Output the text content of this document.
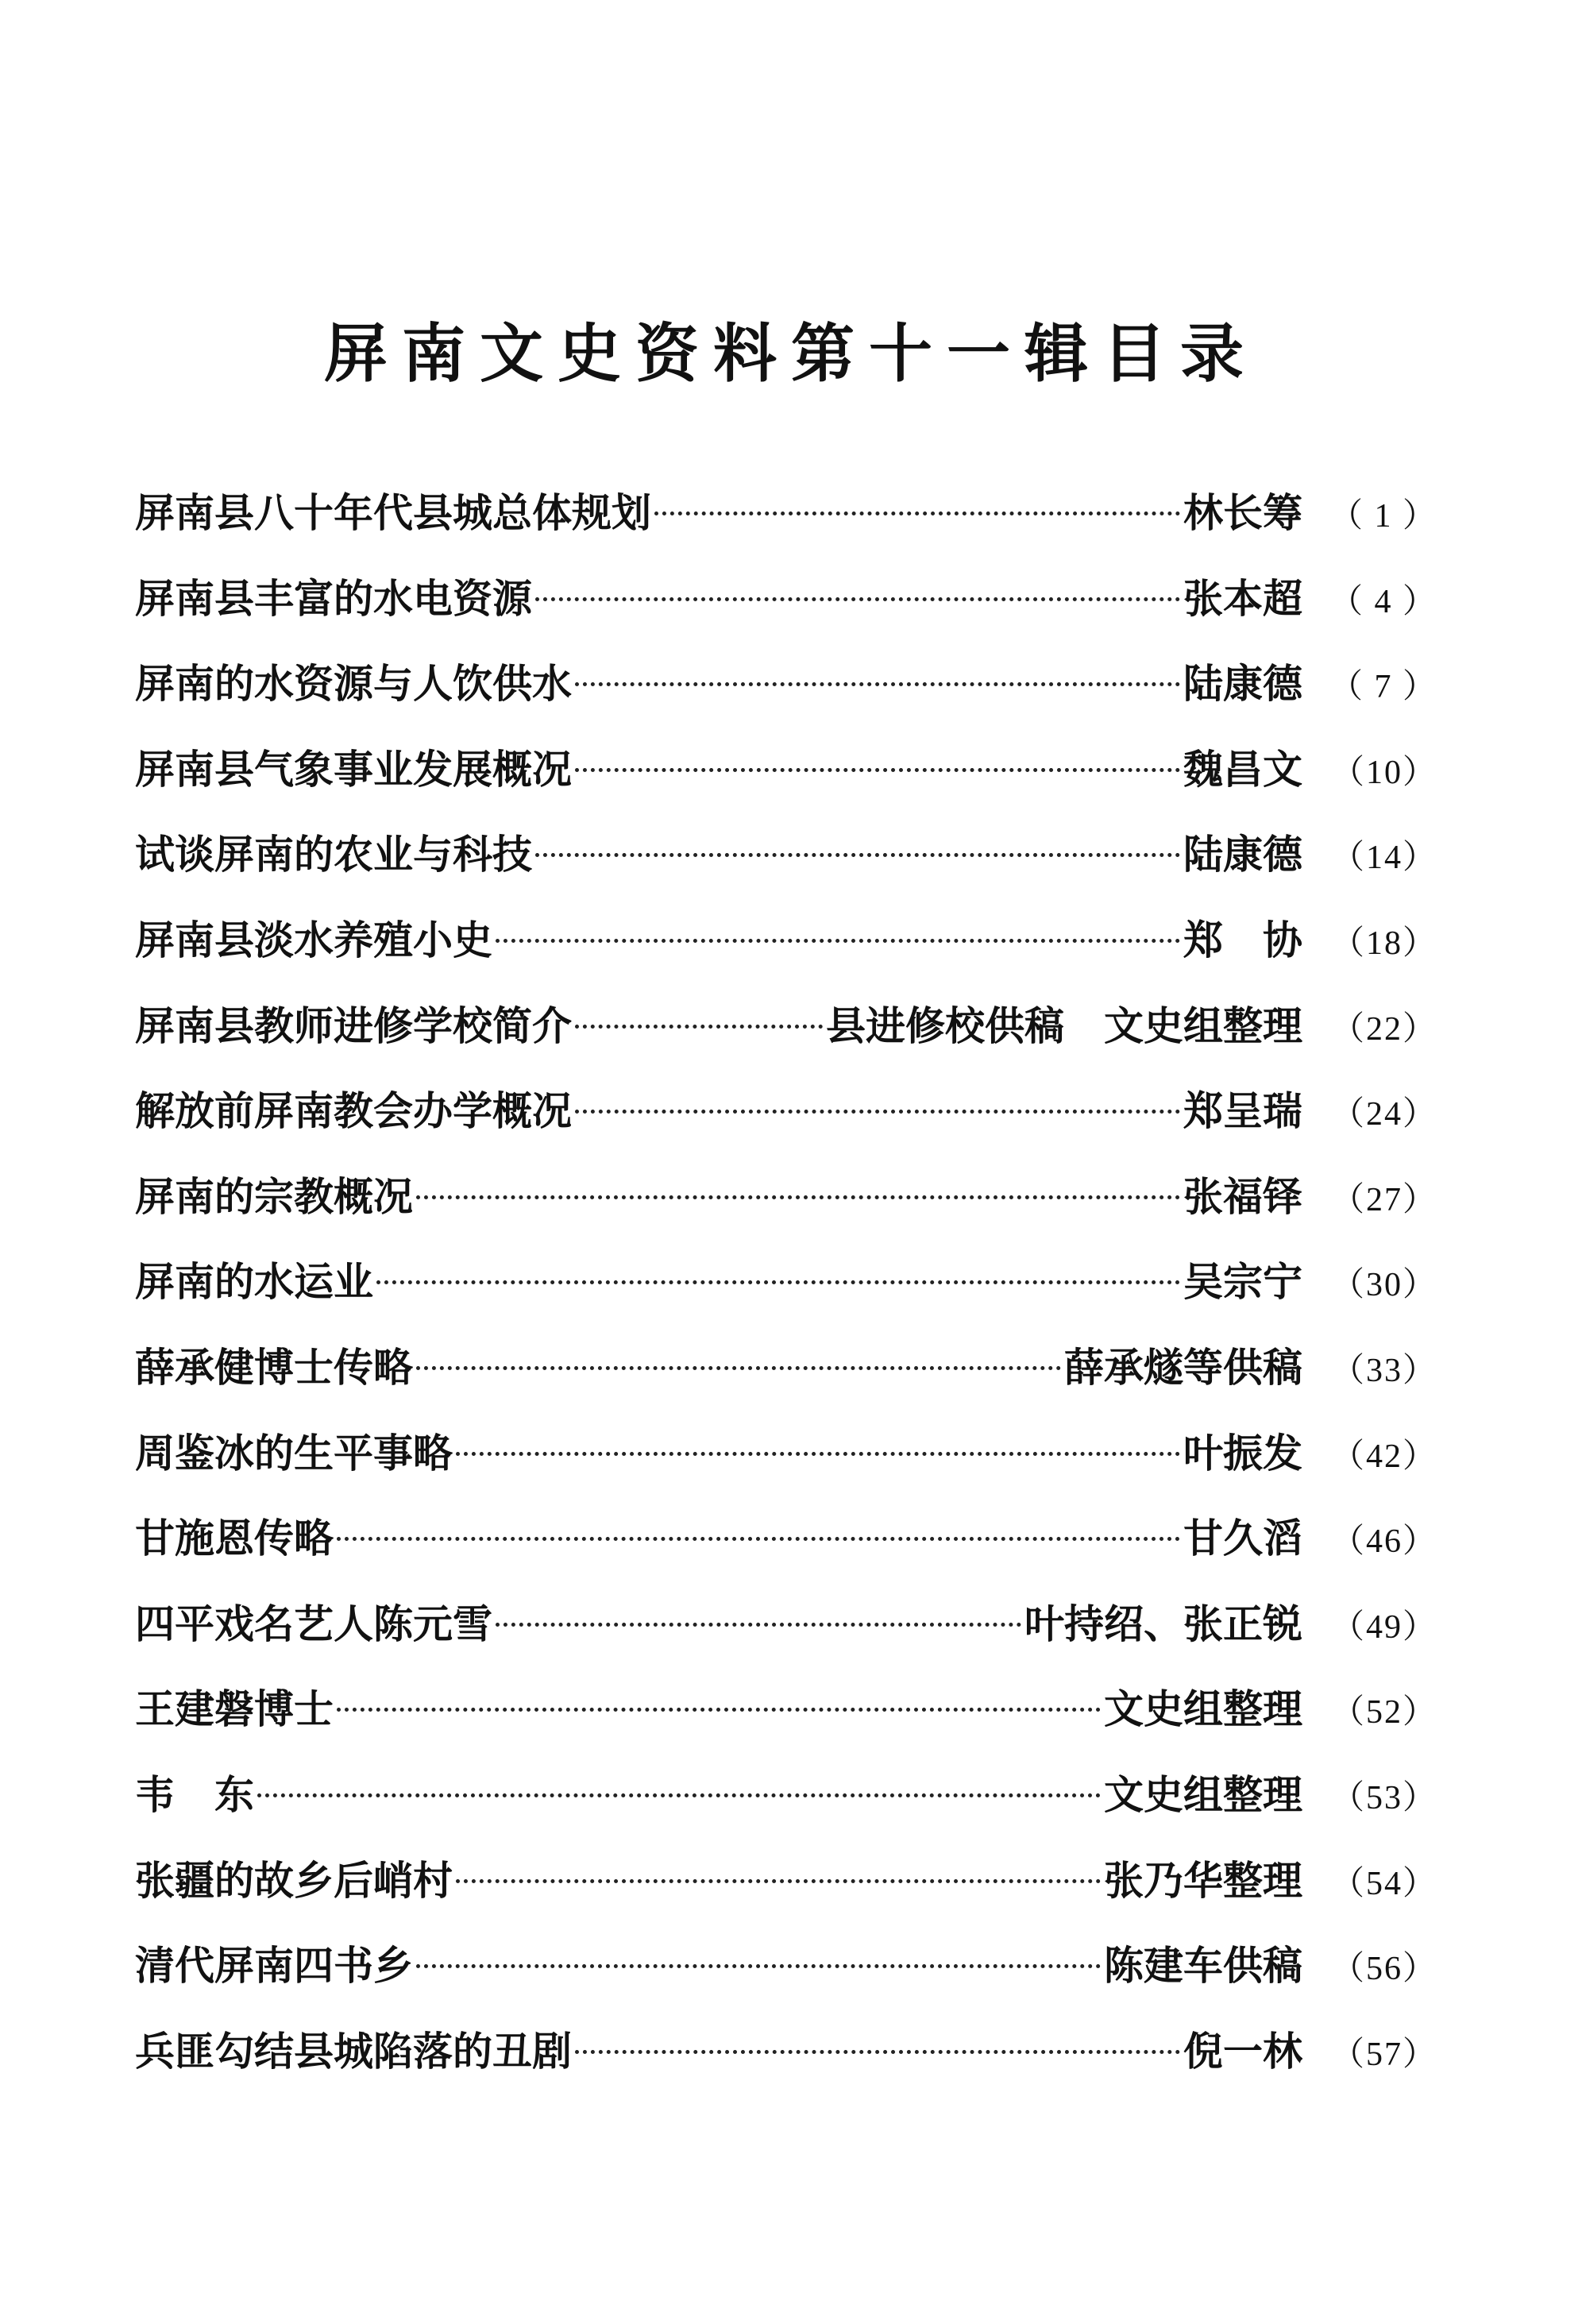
屏南文史资料第十一辑目录
屏南县八十年代县城总体规划	林长筹 （ 1 ）
屏南县丰富的水电资源	张本超 （ 4 ）
屏南的水资源与人饮供水	陆康德 （ 7 ）
屏南县气象事业发展概况	魏昌文 （10）
试谈屏南的农业与科技	陆康德 （14）
屏南县淡水养殖小史	郑　协 （18）
屏南县教师进修学校简介	县进修校供稿　文史组整理 （22）
解放前屏南教会办学概况	郑呈瑞 （24）
屏南的宗教概况	张福铎 （27）
屏南的水运业	吴宗宁 （30）
薛承健博士传略	薛承燧等供稿 （33）
周鉴冰的生平事略	叶振发 （42）
甘施恩传略	甘久滔 （46）
四平戏名艺人陈元雪	叶持绍、张正锐 （49）
王建磐博士	文史组整理 （52）
韦　东	文史组整理 （53）
张疆的故乡后峭村	张乃华整理 （54）
清代屏南四书乡	陈建车供稿 （56）
兵匪勾结县城陷落的丑剧	倪一林 （57）
